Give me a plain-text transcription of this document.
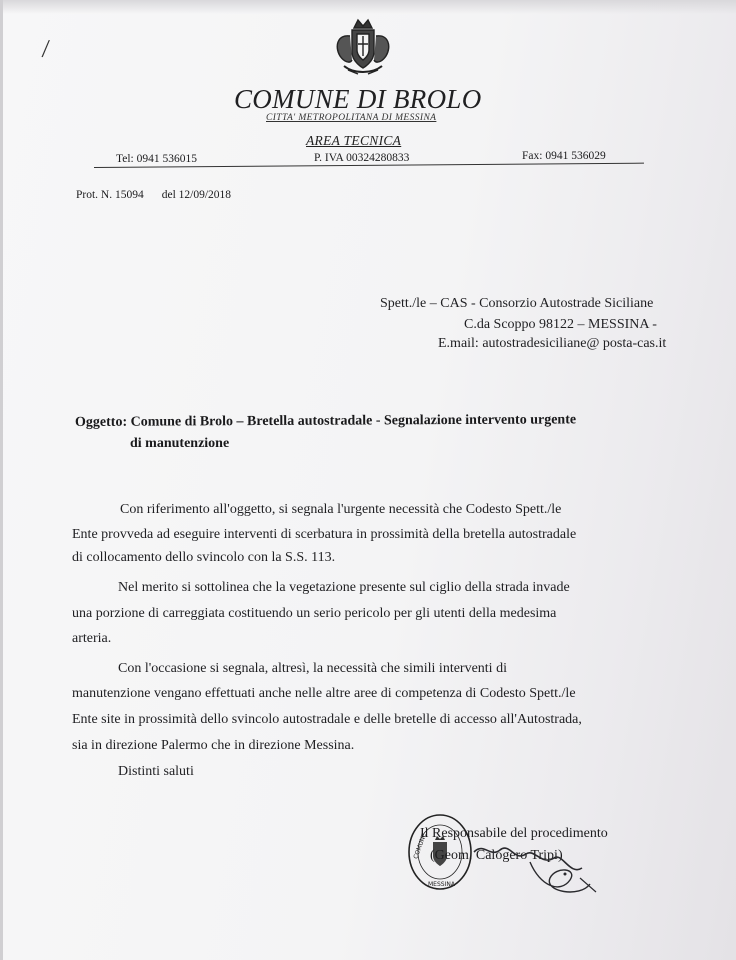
/
COMUNE DI BROLO
CITTA' METROPOLITANA DI MESSINA
AREA TECNICA
Tel: 0941 536015	P. IVA 00324280833	Fax: 0941 536029
Prot. N. 15094 del 12/09/2018
Spett./le – CAS - Consorzio Autostrade Siciliane
C.da Scoppo 98122 – MESSINA -
E.mail: autostradesiciliane@ posta-cas.it
Oggetto: Comune di Brolo – Bretella autostradale - Segnalazione intervento urgente
di manutenzione
Con riferimento all'oggetto, si segnala l'urgente necessità che Codesto Spett./le
Ente provveda ad eseguire interventi di scerbatura in prossimità della bretella autostradale
di collocamento dello svincolo con la S.S. 113.
Nel merito si sottolinea che la vegetazione presente sul ciglio della strada invade
una porzione di carreggiata costituendo un serio pericolo per gli utenti della medesima
arteria.
Con l'occasione si segnala, altresì, la necessità che simili interventi di
manutenzione vengano effettuati anche nelle altre aree di competenza di Codesto Spett./le
Ente site in prossimità dello svincolo autostradale e delle bretelle di accesso all'Autostrada,
sia in direzione Palermo che in direzione Messina.
Distinti saluti
COMUNE
MESSINA
Il Responsabile del procedimento
(Geom. Calogero Tripi)
